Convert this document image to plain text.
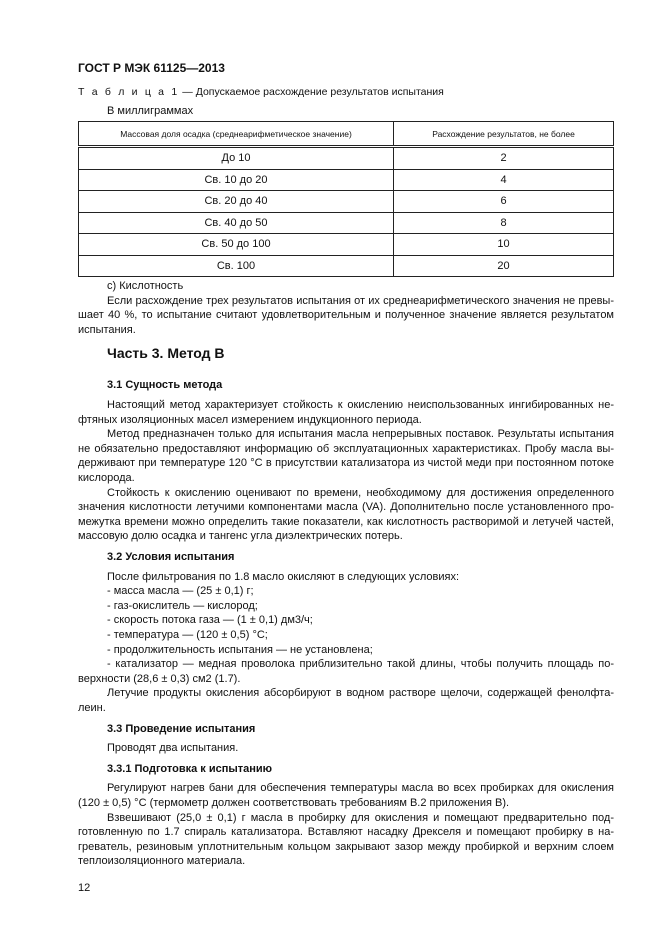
ГОСТ Р МЭК 61125—2013
Т а б л и ц а 1 — Допускаемое расхождение результатов испытания
В миллиграммах
Массовая доля осадка (среднеарифметическое значение)	Расхождение результатов, не более
До 10	2
Св. 10 до 20	4
Св. 20 до 40	6
Св. 40 до 50	8
Св. 50 до 100	10
Св. 100	20
c) Кислотность
Если расхождение трех результатов испытания от их среднеарифметического значения не превы-
шает 40 %, то испытание считают удовлетворительным и полученное значение является результатом
испытания.
Часть 3. Метод В
3.1 Сущность метода
Настоящий метод характеризует стойкость к окислению неиспользованных ингибированных не-
фтяных изоляционных масел измерением индукционного периода.
Метод предназначен только для испытания масла непрерывных поставок. Результаты испытания
не обязательно предоставляют информацию об эксплуатационных характеристиках. Пробу масла вы-
держивают при температуре 120 °С в присутствии катализатора из чистой меди при постоянном потоке
кислорода.
Стойкость к окислению оценивают по времени, необходимому для достижения определенного
значения кислотности летучими компонентами масла (VA). Дополнительно после установленного про-
межутка времени можно определить такие показатели, как кислотность растворимой и летучей частей,
массовую долю осадка и тангенс угла диэлектрических потерь.
3.2 Условия испытания
После фильтрования по 1.8 масло окисляют в следующих условиях:
- масса масла — (25 ± 0,1) г;
- газ-окислитель — кислород;
- скорость потока газа — (1 ± 0,1) дм3/ч;
- температура — (120 ± 0,5) °С;
- продолжительность испытания — не установлена;
- катализатор — медная проволока приблизительно такой длины, чтобы получить площадь по-
верхности (28,6 ± 0,3) см2 (1.7).
Летучие продукты окисления абсорбируют в водном растворе щелочи, содержащей фенолфта-
леин.
3.3 Проведение испытания
Проводят два испытания.
3.3.1 Подготовка к испытанию
Регулируют нагрев бани для обеспечения температуры масла во всех пробирках для окисления
(120 ± 0,5) °С (термометр должен соответствовать требованиям В.2 приложения В).
Взвешивают (25,0 ± 0,1) г масла в пробирку для окисления и помещают предварительно под-
готовленную по 1.7 спираль катализатора. Вставляют насадку Дрекселя и помещают пробирку в на-
греватель, резиновым уплотнительным кольцом закрывают зазор между пробиркой и верхним слоем
теплоизоляционного материала.
12
